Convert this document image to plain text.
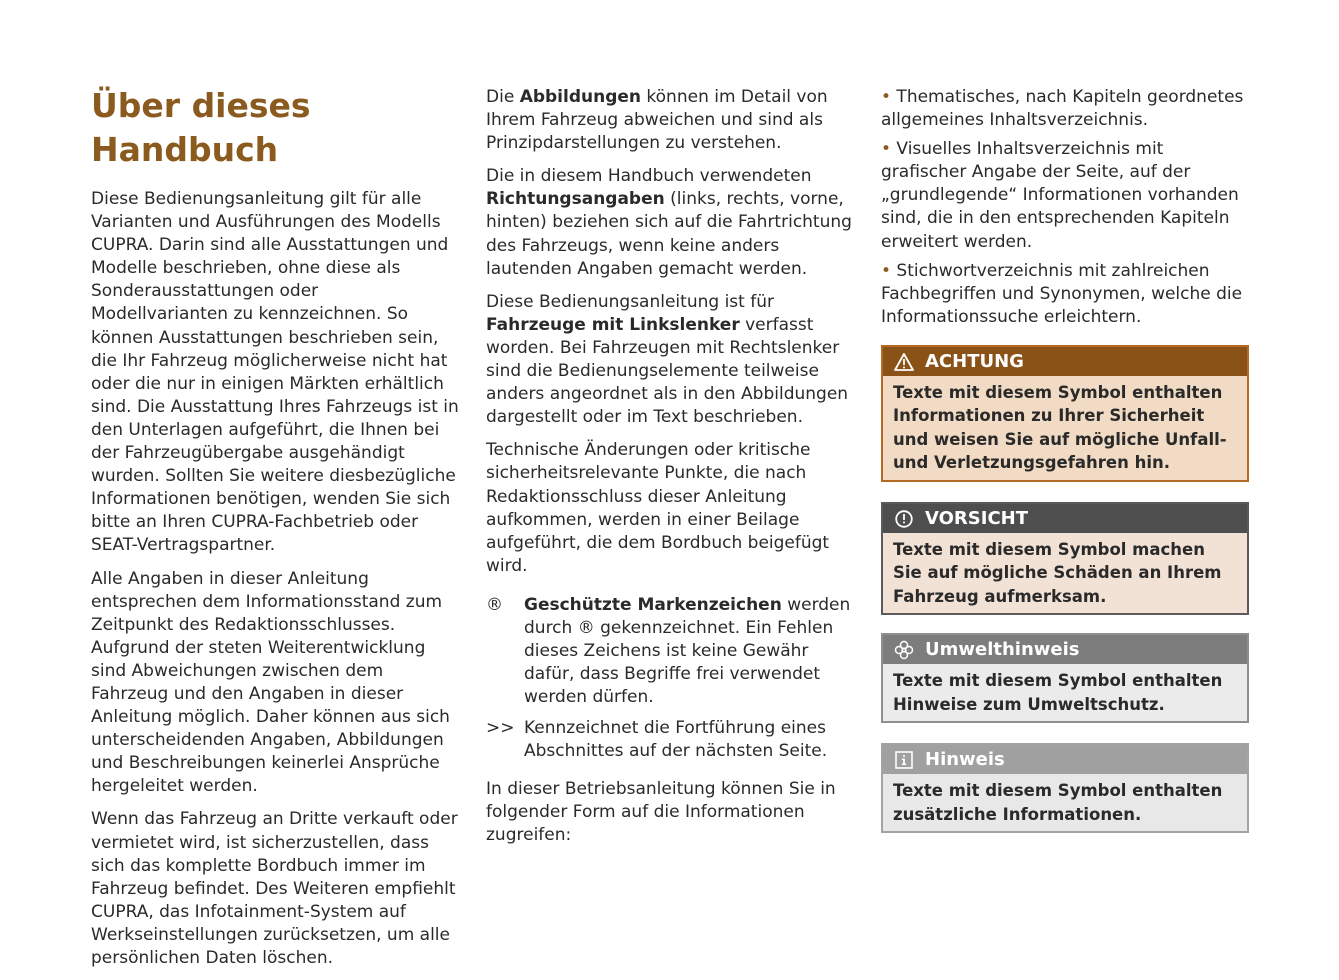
Über dieses Handbuch

Diese Bedienungsanleitung gilt für alle Varianten und Ausführungen des Modells CUPRA. Darin sind alle Ausstattungen und Modelle beschrieben, ohne diese als Sonderausstattungen oder Modellvarianten zu kennzeichnen. So können Ausstattungen beschrieben sein, die Ihr Fahrzeug möglicherweise nicht hat oder die nur in einigen Märkten erhältlich sind. Die Ausstattung Ihres Fahrzeugs ist in den Unterlagen aufgeführt, die Ihnen bei der Fahrzeugübergabe ausgehändigt wurden. Sollten Sie weitere diesbezügliche Informationen benötigen, wenden Sie sich bitte an Ihren CUPRA-Fachbetrieb oder SEAT-Vertragspartner.

Alle Angaben in dieser Anleitung entsprechen dem Informationsstand zum Zeitpunkt des Redaktionsschlusses. Aufgrund der steten Weiterentwicklung sind Abweichungen zwischen dem Fahrzeug und den Angaben in dieser Anleitung möglich. Daher können aus sich unterscheidenden Angaben, Abbildungen und Beschreibungen keinerlei Ansprüche hergeleitet werden.

Wenn das Fahrzeug an Dritte verkauft oder vermietet wird, ist sicherzustellen, dass sich das komplette Bordbuch immer im Fahrzeug befindet. Des Weiteren empfiehlt CUPRA, das Infotainment-System auf Werkseinstellungen zurücksetzen, um alle persönlichen Daten löschen.

Die Abbildungen können im Detail von Ihrem Fahrzeug abweichen und sind als Prinzipdarstellungen zu verstehen.

Die in diesem Handbuch verwendeten Richtungsangaben (links, rechts, vorne, hinten) beziehen sich auf die Fahrtrichtung des Fahrzeugs, wenn keine anders lautenden Angaben gemacht werden.

Diese Bedienungsanleitung ist für Fahrzeuge mit Linkslenker verfasst worden. Bei Fahrzeugen mit Rechtslenker sind die Bedienungselemente teilweise anders angeordnet als in den Abbildungen dargestellt oder im Text beschrieben.

Technische Änderungen oder kritische sicherheitsrelevante Punkte, die nach Redaktionsschluss dieser Anleitung aufkommen, werden in einer Beilage aufgeführt, die dem Bordbuch beigefügt wird.

®	Geschützte Markenzeichen werden durch ® gekennzeichnet. Ein Fehlen dieses Zeichens ist keine Gewähr dafür, dass Begriffe frei verwendet werden dürfen.
>> Kennzeichnet die Fortführung eines Abschnittes auf der nächsten Seite.

In dieser Betriebsanleitung können Sie in folgender Form auf die Informationen zugreifen:

• Thematisches, nach Kapiteln geordnetes allgemeines Inhaltsverzeichnis.

• Visuelles Inhaltsverzeichnis mit grafischer Angabe der Seite, auf der „grundlegende“ Informationen vorhanden sind, die in den entsprechenden Kapiteln erweitert werden.

• Stichwortverzeichnis mit zahlreichen Fachbegriffen und Synonymen, welche die Informationssuche erleichtern.

ACHTUNG
Texte mit diesem Symbol enthalten Informationen zu Ihrer Sicherheit und weisen Sie auf mögliche Unfall- und Verletzungsgefahren hin.
VORSICHT
Texte mit diesem Symbol machen Sie auf mögliche Schäden an Ihrem Fahrzeug aufmerksam.
Umwelthinweis
Texte mit diesem Symbol enthalten Hinweise zum Umweltschutz.
Hinweis
Texte mit diesem Symbol enthalten zusätzliche Informationen.
